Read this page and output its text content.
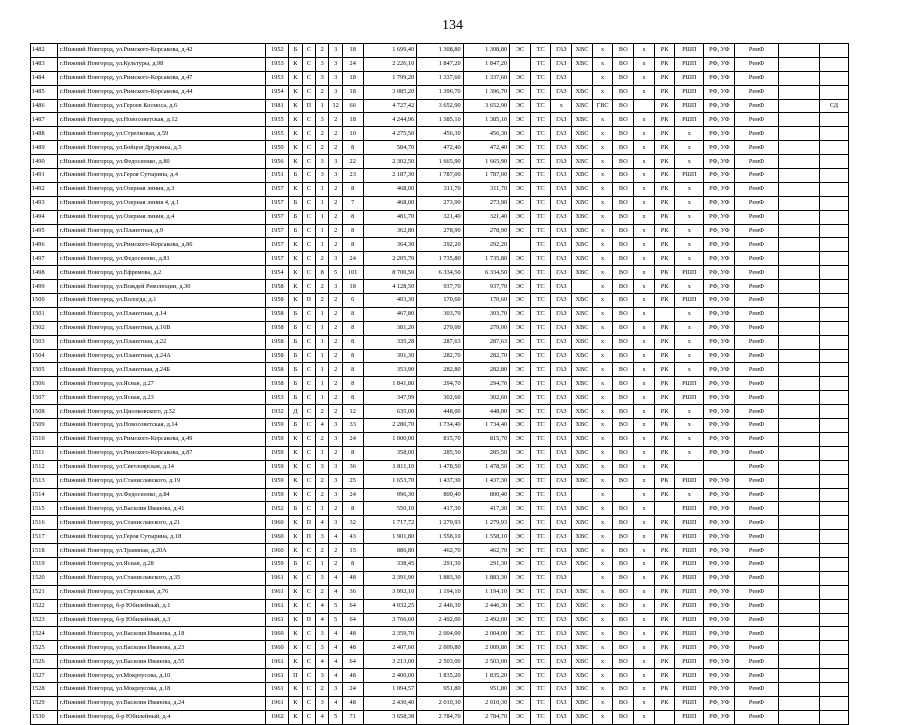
134
1482	г.Нижний Новгород, ул.Римского-Корсакова, д.42	1952	Б	С	2	3	18	1 699,40	1 308,80	1 308,80	ЭС	ТС	ГАЗ	ХВС	х	ВО	х	РК	РШП	РФ, УФ	РемФ		
1483	г.Нижний Новгород, ул.Культуры, д.98	1953	К	С	3	3	24	2 226,10	1 847,20	1 847,20		ТС	ГАЗ	ХВС	х	ВО	х	РК	РШП	РФ, УФ	РемФ		
1484	г.Нижний Новгород, ул.Римского-Корсакова, д.47	1953	К	С	3	3	18	1 799,20	1 337,60	1 337,60	ЭС	ТС	ГАЗ		х	ВО	х	РК	РШП	РФ, УФ	РемФ		
1485	г.Нижний Новгород, ул.Римского-Корсакова, д.44	1954	К	С	2	3	18	3 085,20	1 396,70	1 396,70	ЭС	ТС	ГАЗ	ХВС	х	ВО	х	РК	РШП	РФ, УФ	РемФ		
1486	г.Нижний Новгород, ул.Героев Космоса, д.6	1981	К	П	1	12	66	4 727,42	3 652,90	3 652,90	ЭС	ТС	х	ХВС	ГВС	ВО		РК	РШП	РФ, УФ	РемФ		СД
1487	г.Нижний Новгород, ул.Новосоветская, д.12	1955	К	С	3	2	18	4 244,96	1 385,10	1 385,10	ЭС	ТС	ГАЗ	ХВС	х	ВО	х	РК	РШП	РФ, УФ	РемФ		
1488	г.Нижний Новгород, ул.Стрелковая, д.59	1955	К	С	2	2	10	4 275,50	456,30	456,30	ЭС	ТС	ГАЗ	ХВС	х	ВО	х	РК	х	РФ, УФ	РемФ		
1489	г.Нижний Новгород, ул.Бойцов Дружины, д.5	1950	К	С	2	2	8	584,70	472,40	472,40	ЭС	ТС	ГАЗ	ХВС	х	ВО	х	РК	х	РФ, УФ	РемФ		
1490	г.Нижний Новгород, ул.Федосеенко, д.80	1956	К	С	3	3	22	2 302,50	1 665,90	1 665,90	ЭС	ТС	ГАЗ	ХВС	х	ВО	х	РК	х	РФ, УФ	РемФ		
1491	г.Нижний Новгород, ул.Героя Сутырина, д.4	1951	Б	С	3	3	23	2 187,30	1 787,00	1 787,00	ЭС	ТС	ГАЗ	ХВС	х	ВО	х	РК	РШП	РФ, УФ	РемФ		
1492	г.Нижний Новгород, ул.Озерная линия, д.3	1957	К	С	1	2	8	468,00	311,70	311,70	ЭС	ТС	ГАЗ	ХВС	х	ВО	х	РК	х	РФ, УФ	РемФ		
1493	г.Нижний Новгород, ул.Озерная линия 4, д.1	1957	Б	С	1	2	7	468,00	273,90	273,90	ЭС	ТС	ГАЗ	ХВС	х	ВО	х	РК	х	РФ, УФ	РемФ		
1494	г.Нижний Новгород, ул.Озерная линия, д.4	1957	Б	С	1	2	8	481,70	321,40	321,40	ЭС	ТС	ГАЗ	ХВС	х	ВО	х	РК	х	РФ, УФ	РемФ		
1495	г.Нижний Новгород, ул.Планетная, д.9	1957	Б	С	1	2	8	362,80	278,90	278,90	ЭС	ТС	ГАЗ	ХВС	х	ВО	х	РК	х	РФ, УФ	РемФ		
1496	г.Нижний Новгород, ул.Римского-Корсакова, д.86	1957	К	С	1	2	8	364,30	292,20	292,20		ТС	ГАЗ	ХВС	х	ВО	х	РК	х	РФ, УФ	РемФ		
1497	г.Нижний Новгород, ул.Федосеенко, д.81	1957	К	С	2	3	24	2 205,70	1 735,80	1 735,80	ЭС	ТС	ГАЗ	ХВС	х	ВО	х	РК	х	РФ, УФ	РемФ		
1498	г.Нижний Новгород, ул.Ефремова, д.2	1954	К	С	8	5	101	8 700,50	6 334,50	6 334,50	ЭС	ТС	ГАЗ	ХВС	х	ВО	х	РК	РШП	РФ, УФ	РемФ		
1499	г.Нижний Новгород, ул.Вождей Революции, д.30	1958	К	С	2	3	18	4 128,50	937,70	937,70	ЭС	ТС	ГАЗ		х	ВО	х	РК	х	РФ, УФ	РемФ		
1500	г.Нижний Новгород, ул.Вологда, д.1	1958	К	П	2	2	6	403,30	170,60	170,60	ЭС	ТС	ГАЗ	ХВС	х	ВО	х	РК	РШП	РФ, УФ	РемФ		
1501	г.Нижний Новгород, ул.Планетная, д.14	1958	Б	С	1	2	8	467,80	303,70	303,70	ЭС	ТС	ГАЗ	ХВС	х	ВО	х		х	РФ, УФ	РемФ		
1502	г.Нижний Новгород, ул.Планетная, д.16В	1958	Б	С	1	2	8	381,20	279,00	279,00	ЭС	ТС	ГАЗ	ХВС	х	ВО	х	РК	х	РФ, УФ	РемФ		
1503	г.Нижний Новгород, ул.Планетная, д.22	1958	Б	С	1	2	8	335,28	287,63	287,63	ЭС	ТС	ГАЗ	ХВС	х	ВО	х	РК	х	РФ, УФ	РемФ		
1504	г.Нижний Новгород, ул.Планетная, д.24А	1958	Б	С	1	2	8	391,30	282,70	282,70	ЭС	ТС	ГАЗ	ХВС	х	ВО	х	РК	х	РФ, УФ	РемФ		
1505	г.Нижний Новгород, ул.Планетная, д.24Б	1958	Б	С	1	2	8	353,90	282,80	282,80	ЭС	ТС	ГАЗ	ХВС	х	ВО	х	РК	х	РФ, УФ	РемФ		
1506	г.Нижний Новгород, ул.Ясная, д.27	1958	Б	С	1	2	8	1 841,80	294,70	294,70	ЭС	ТС	ГАЗ	ХВС	х	ВО	х	РК	РШП	РФ, УФ	РемФ		
1507	г.Нижний Новгород, ул.Ясная, д.23	1953	Б	С	1	2	8	347,99	302,60	302,60	ЭС	ТС	ГАЗ	ХВС	х	ВО	х	РК	РШП	РФ, УФ	РемФ		
1508	г.Нижний Новгород, ул.Циолковского, д.32	1932	Д	С	2	2	12	635,00	448,00	448,00	ЭС	ТС	ГАЗ	ХВС	х	ВО	х	РК	х	РФ, УФ	РемФ		
1509	г.Нижний Новгород, ул.Новосоветская, д.14	1959	Б	С	4	3	33	2 280,70	1 734,40	1 734,40	ЭС	ТС	ГАЗ	ХВС	х	ВО	х	РК	х	РФ, УФ	РемФ		
1510	г.Нижний Новгород, ул.Римского-Корсакова, д.49	1959	К	С	2	3	24	1 000,00	815,70	815,70	ЭС	ТС	ГАЗ	ХВС	х	ВО	х	РК	х	РФ, УФ	РемФ		
1511	г.Нижний Новгород, ул.Римского-Корсакова, д.87	1959	К	С	1	2	8	358,00	285,50	285,50	ЭС	ТС	ГАЗ	ХВС	х	ВО	х	РК	х	РФ, УФ	РемФ		
1512	г.Нижний Новгород, ул.Светлоярская, д.14	1959	К	С	3	3	36	1 811,10	1 478,50	1 478,50	ЭС	ТС	ГАЗ	ХВС	х	ВО	х	РК			РемФ		
1513	г.Нижний Новгород, ул.Станиславского, д.19	1959	К	С	2	3	25	1 653,70	1 437,30	1 437,30	ЭС	ТС	ГАЗ	ХВС	х	ВО	х	РК	РШП	РФ, УФ	РемФ		
1514	г.Нижний Новгород, ул.Федосеенко, д.84	1959	К	С	2	3	24	996,30	800,40	800,40	ЭС	ТС	ГАЗ		х		х	РК	х	РФ, УФ	РемФ		
1515	г.Нижний Новгород, ул.Василия Иванова, д.41	1952	Б	С	1	2	8	550,10	417,30	417,30	ЭС	ТС	ГАЗ	ХВС	х	ВО	х		РШП	РФ, УФ	РемФ		
1516	г.Нижний Новгород, ул.Станиславского, д.21	1960	К	П	4	3	32	1 717,72	1 279,93	1 279,93	ЭС	ТС	ГАЗ	ХВС	х	ВО	х	РК	РШП	РФ, УФ	РемФ		
1517	г.Нижний Новгород, ул.Героя Сутырина, д.18	1960	К	П	3	4	43	1 901,80	1 558,10	1 558,10	ЭС	ТС	ГАЗ	ХВС	х	ВО	х	РК	РШП	РФ, УФ	РемФ		
1518	г.Нижний Новгород, ул.Травяная, д.20А	1960	К	С	2	2	15	886,80	462,70	462,70	ЭС	ТС	ГАЗ	ХВС	х	ВО	х	РК	РШП	РФ, УФ	РемФ		
1519	г.Нижний Новгород, ул.Ясная, д.28	1959	Б	С	1	2	8	338,45	291,30	291,30	ЭС	ТС	ГАЗ	ХВС	х	ВО	х	РК	РШП	РФ, УФ	РемФ		
1520	г.Нижний Новгород, ул.Станиславского, д.35	1961	К	С	3	4	48	2 391,90	1 883,30	1 883,30	ЭС	ТС	ГАЗ		х	ВО	х	РК	РШП	РФ, УФ	РемФ		
1521	г.Нижний Новгород, ул.Стрелковая, д.76	1961	К	С	2	4	36	3 992,10	1 194,10	1 194,10	ЭС	ТС	ГАЗ	ХВС	х	ВО	х	РК	РШП	РФ, УФ	РемФ		
1522	г.Нижний Новгород, б-р Юбилейный, д.1	1961	К	С	4	5	64	4 032,25	2 446,30	2 446,30	ЭС	ТС	ГАЗ	ХВС	х	ВО	х	РК	РШП	РФ, УФ	РемФ		
1523	г.Нижний Новгород, б-р Юбилейный, д.3	1961	К	П	4	5	64	3 766,60	2 492,00	2 492,00	ЭС	ТС	ГАЗ	ХВС	х	ВО	х	РК	РШП	РФ, УФ	РемФ		
1524	г.Нижний Новгород, ул.Василия Иванова, д.18	1960	К	С	3	4	48	2 359,70	2 004,00	2 004,00	ЭС	ТС	ГАЗ	ХВС	х	ВО	х	РК	РШП	РФ, УФ	РемФ		
1525	г.Нижний Новгород, ул.Василия Иванова, д.23	1960	К	С	3	4	48	2 407,60	2 009,80	2 009,80	ЭС	ТС	ГАЗ	ХВС	х	ВО	х	РК	РШП	РФ, УФ	РемФ		
1526	г.Нижний Новгород, ул.Василия Иванова, д.55	1961	К	С	4	4	64	3 213,00	2 503,00	2 503,00	ЭС	ТС	ГАЗ	ХВС	х	ВО	х	РК	РШП	РФ, УФ	РемФ		
1527	г.Нижний Новгород, ул.Мокроусова, д.10	1961	П	С	3	4	48	2 400,00	1 835,20	1 835,20	ЭС	ТС	ГАЗ	ХВС	х	ВО	х	РК	РШП	РФ, УФ	РемФ		
1528	г.Нижний Новгород, ул.Мокроусова, д.18	1961	К	С	2	3	24	1 094,57	951,80	951,80	ЭС	ТС	ГАЗ	ХВС	х	ВО	х	РК	РШП	РФ, УФ	РемФ		
1529	г.Нижний Новгород, ул.Василия Иванова, д.24	1961	К	С	3	4	48	2 430,40	2 010,30	2 010,30	ЭС	ТС	ГАЗ	ХВС	х	ВО	х	РК	РШП	РФ, УФ	РемФ		
1530	г.Нижний Новгород, б-р Юбилейный, д.4	1962	К	С	4	5	71	3 658,38	2 784,70	2 784,70	ЭС	ТС	ГАЗ	ХВС	х	ВО	х		РШП	РФ, УФ	РемФ		
